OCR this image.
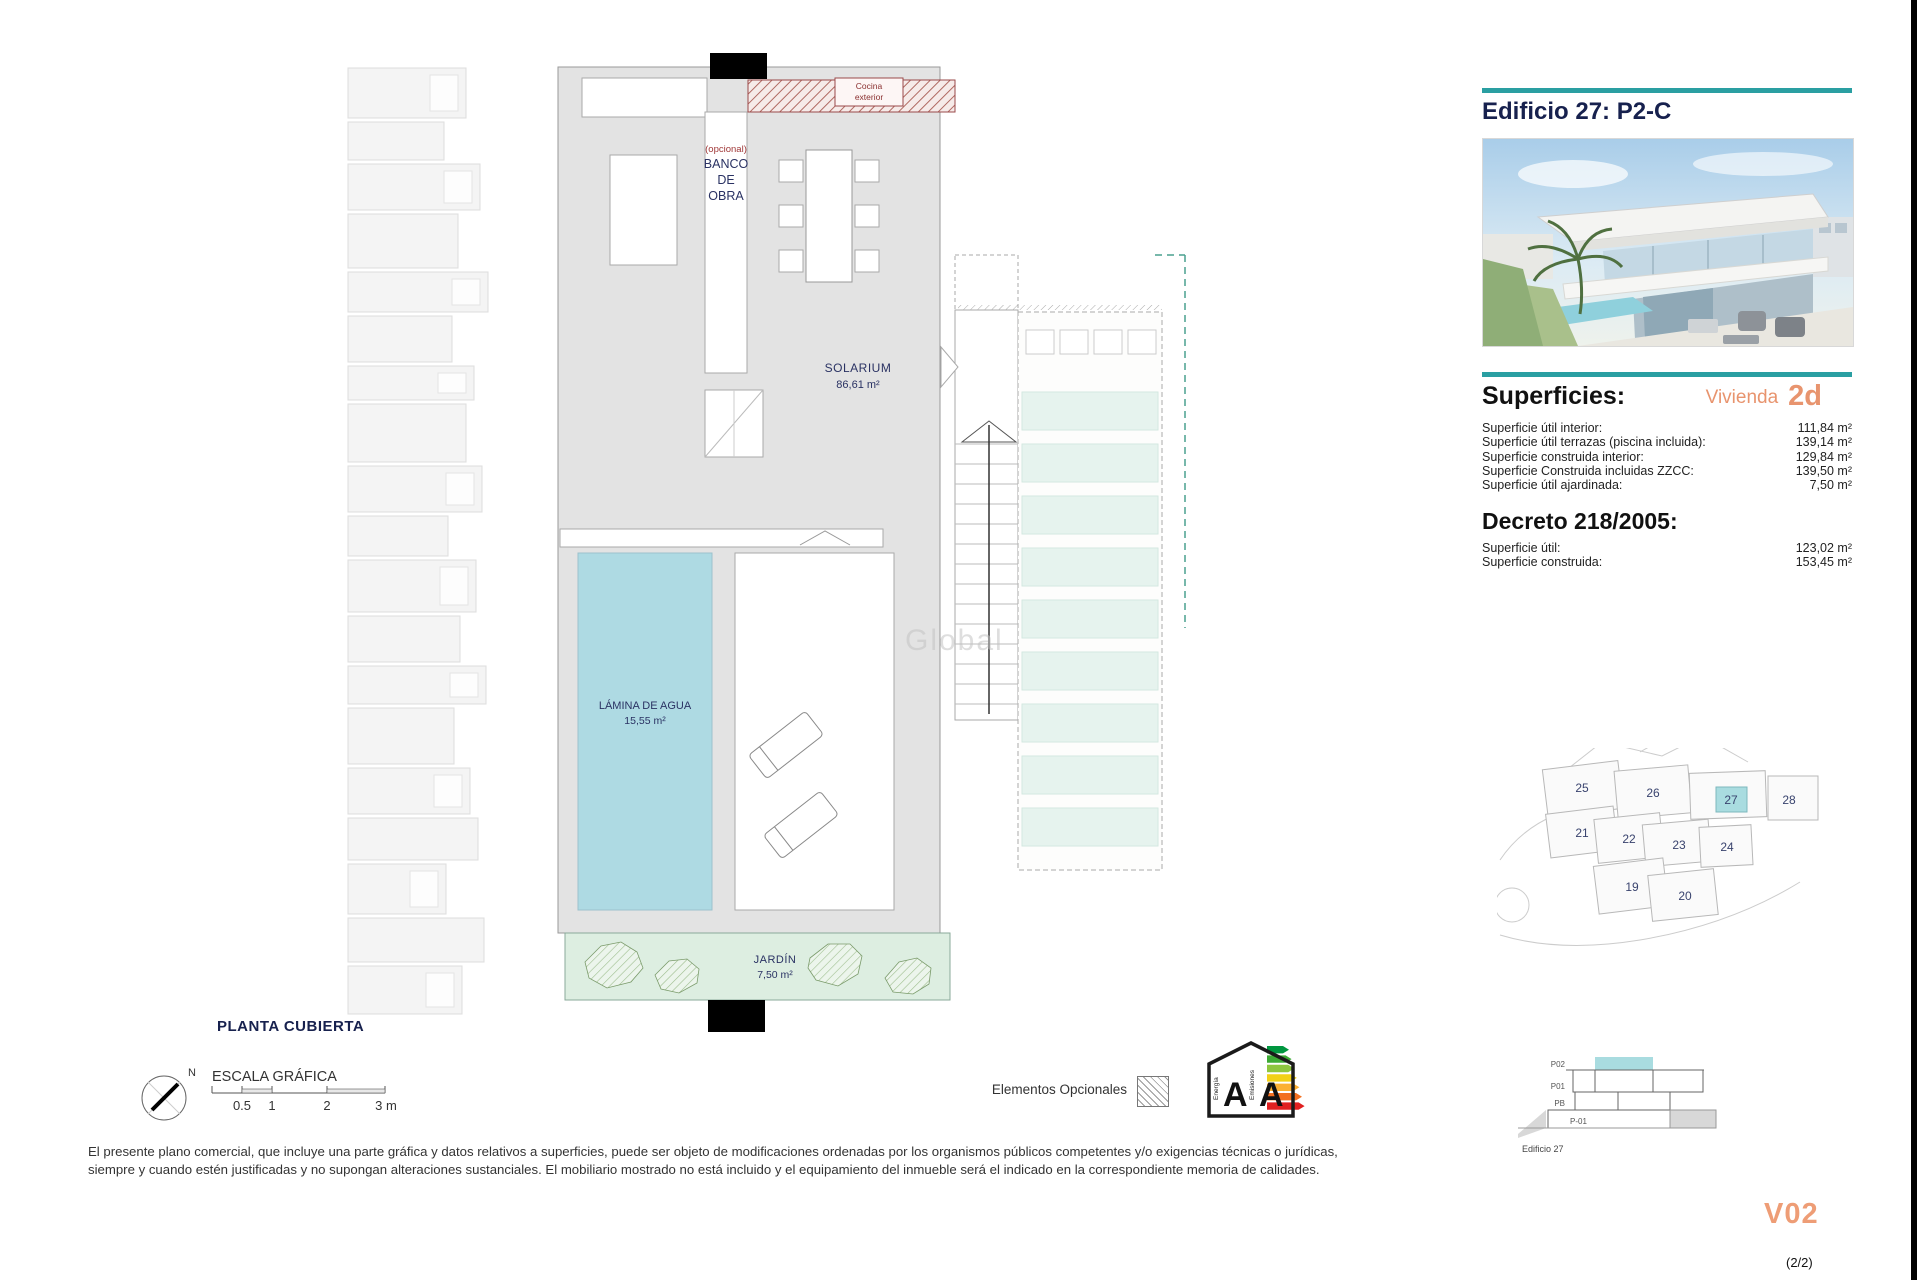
Cocina
exterior
(opcional)
BANCO
DE
OBRA
SOLARIUM
86,61 m²
LÁMINA DE AGUA
15,55 m²
JARDÍN
7,50 m²
Global
PLANTA CUBIERTA
N ESCALA GRÁFICA
0.5 1	2	3 m
El presente plano comercial, que incluye una parte gráfica y datos relativos a superficies, puede ser objeto de modificaciones ordenadas por los organismos públicos competentes y/o exigencias técnicas o jurídicas,
siempre y cuando estén justificadas y no supongan alteraciones sustanciales. El mobiliario mostrado no está incluido y el equipamiento del inmueble será el indicado en la correspondiente memoria de calidades.
Elementos Opcionales	Energía A Emisiones A
Edificio 27: P2-C
Superficies:	Vivienda 2d
Superficie útil interior:	111,84 m²
Superficie útil terrazas (piscina incluida):	139,14 m²
Superficie construida interior:	129,84 m²
Superficie Construida incluidas ZZCC:	139,50 m²
Superficie útil ajardinada:	7,50 m²
Decreto 218/2005:
Superficie útil:	123,02 m²
Superficie construida:	153,45 m²
25	26	27	28
21	22	23	24
19
20
P02
P01
PB
P-01
Edificio 27
V02
(2/2)
